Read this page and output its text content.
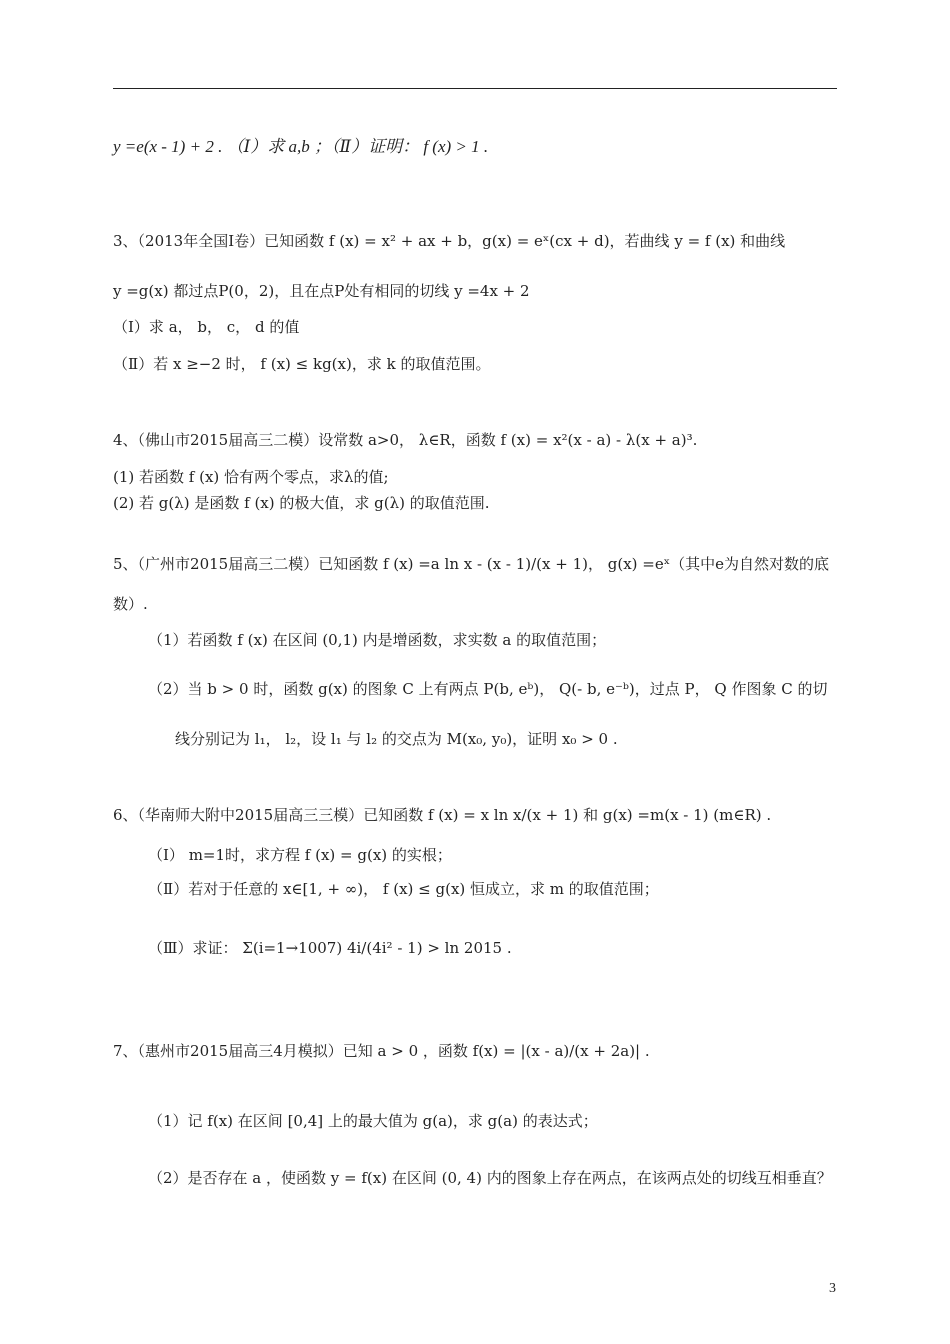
y =e(x - 1) + 2 . （Ⅰ）求 a,b ；（Ⅱ）证明： f (x) > 1 .
3、（2013年全国Ⅰ卷）已知函数 f (x) = x² + ax + b，g(x) = eˣ(cx + d)，若曲线 y = f (x) 和曲线
y =g(x) 都过点P(0，2)，且在点P处有相同的切线 y =4x + 2
（Ⅰ）求 a， b， c， d 的值
（Ⅱ）若 x ≥−2 时， f (x) ≤ kg(x)，求 k 的取值范围。
4、（佛山市2015届高三二模）设常数 a>0， λ∈R，函数 f (x) = x²(x - a) - λ(x + a)³.
(1) 若函数 f (x) 恰有两个零点，求λ的值;
(2) 若 g(λ) 是函数 f (x) 的极大值，求 g(λ) 的取值范围.
5、（广州市2015届高三二模）已知函数 f (x) =a ln x - (x - 1)/(x + 1)， g(x) =eˣ（其中e为自然对数的底
数）.
（1）若函数 f (x) 在区间 (0,1) 内是增函数，求实数 a 的取值范围；
（2）当 b > 0 时，函数 g(x) 的图象 C 上有两点 P(b, eᵇ)， Q(- b, e⁻ᵇ)，过点 P， Q 作图象 C 的切
线分别记为 l₁， l₂，设 l₁ 与 l₂ 的交点为 M(x₀, y₀)，证明 x₀ > 0 .
6、（华南师大附中2015届高三三模）已知函数 f (x) = x ln x/(x + 1) 和 g(x) =m(x - 1) (m∈R) .
（Ⅰ） m=1时，求方程 f (x) = g(x) 的实根；
（Ⅱ）若对于任意的 x∈[1, + ∞)， f (x) ≤ g(x) 恒成立，求 m 的取值范围；
（Ⅲ）求证： Σ(i=1→1007) 4i/(4i² - 1) > ln 2015 .
7、（惠州市2015届高三4月模拟）已知 a > 0 ，函数 f(x) = |(x - a)/(x + 2a)| .
（1）记 f(x) 在区间 [0,4] 上的最大值为 g(a)，求 g(a) 的表达式；
（2）是否存在 a ，使函数 y = f(x) 在区间 (0, 4) 内的图象上存在两点，在该两点处的切线互相垂直？
3
